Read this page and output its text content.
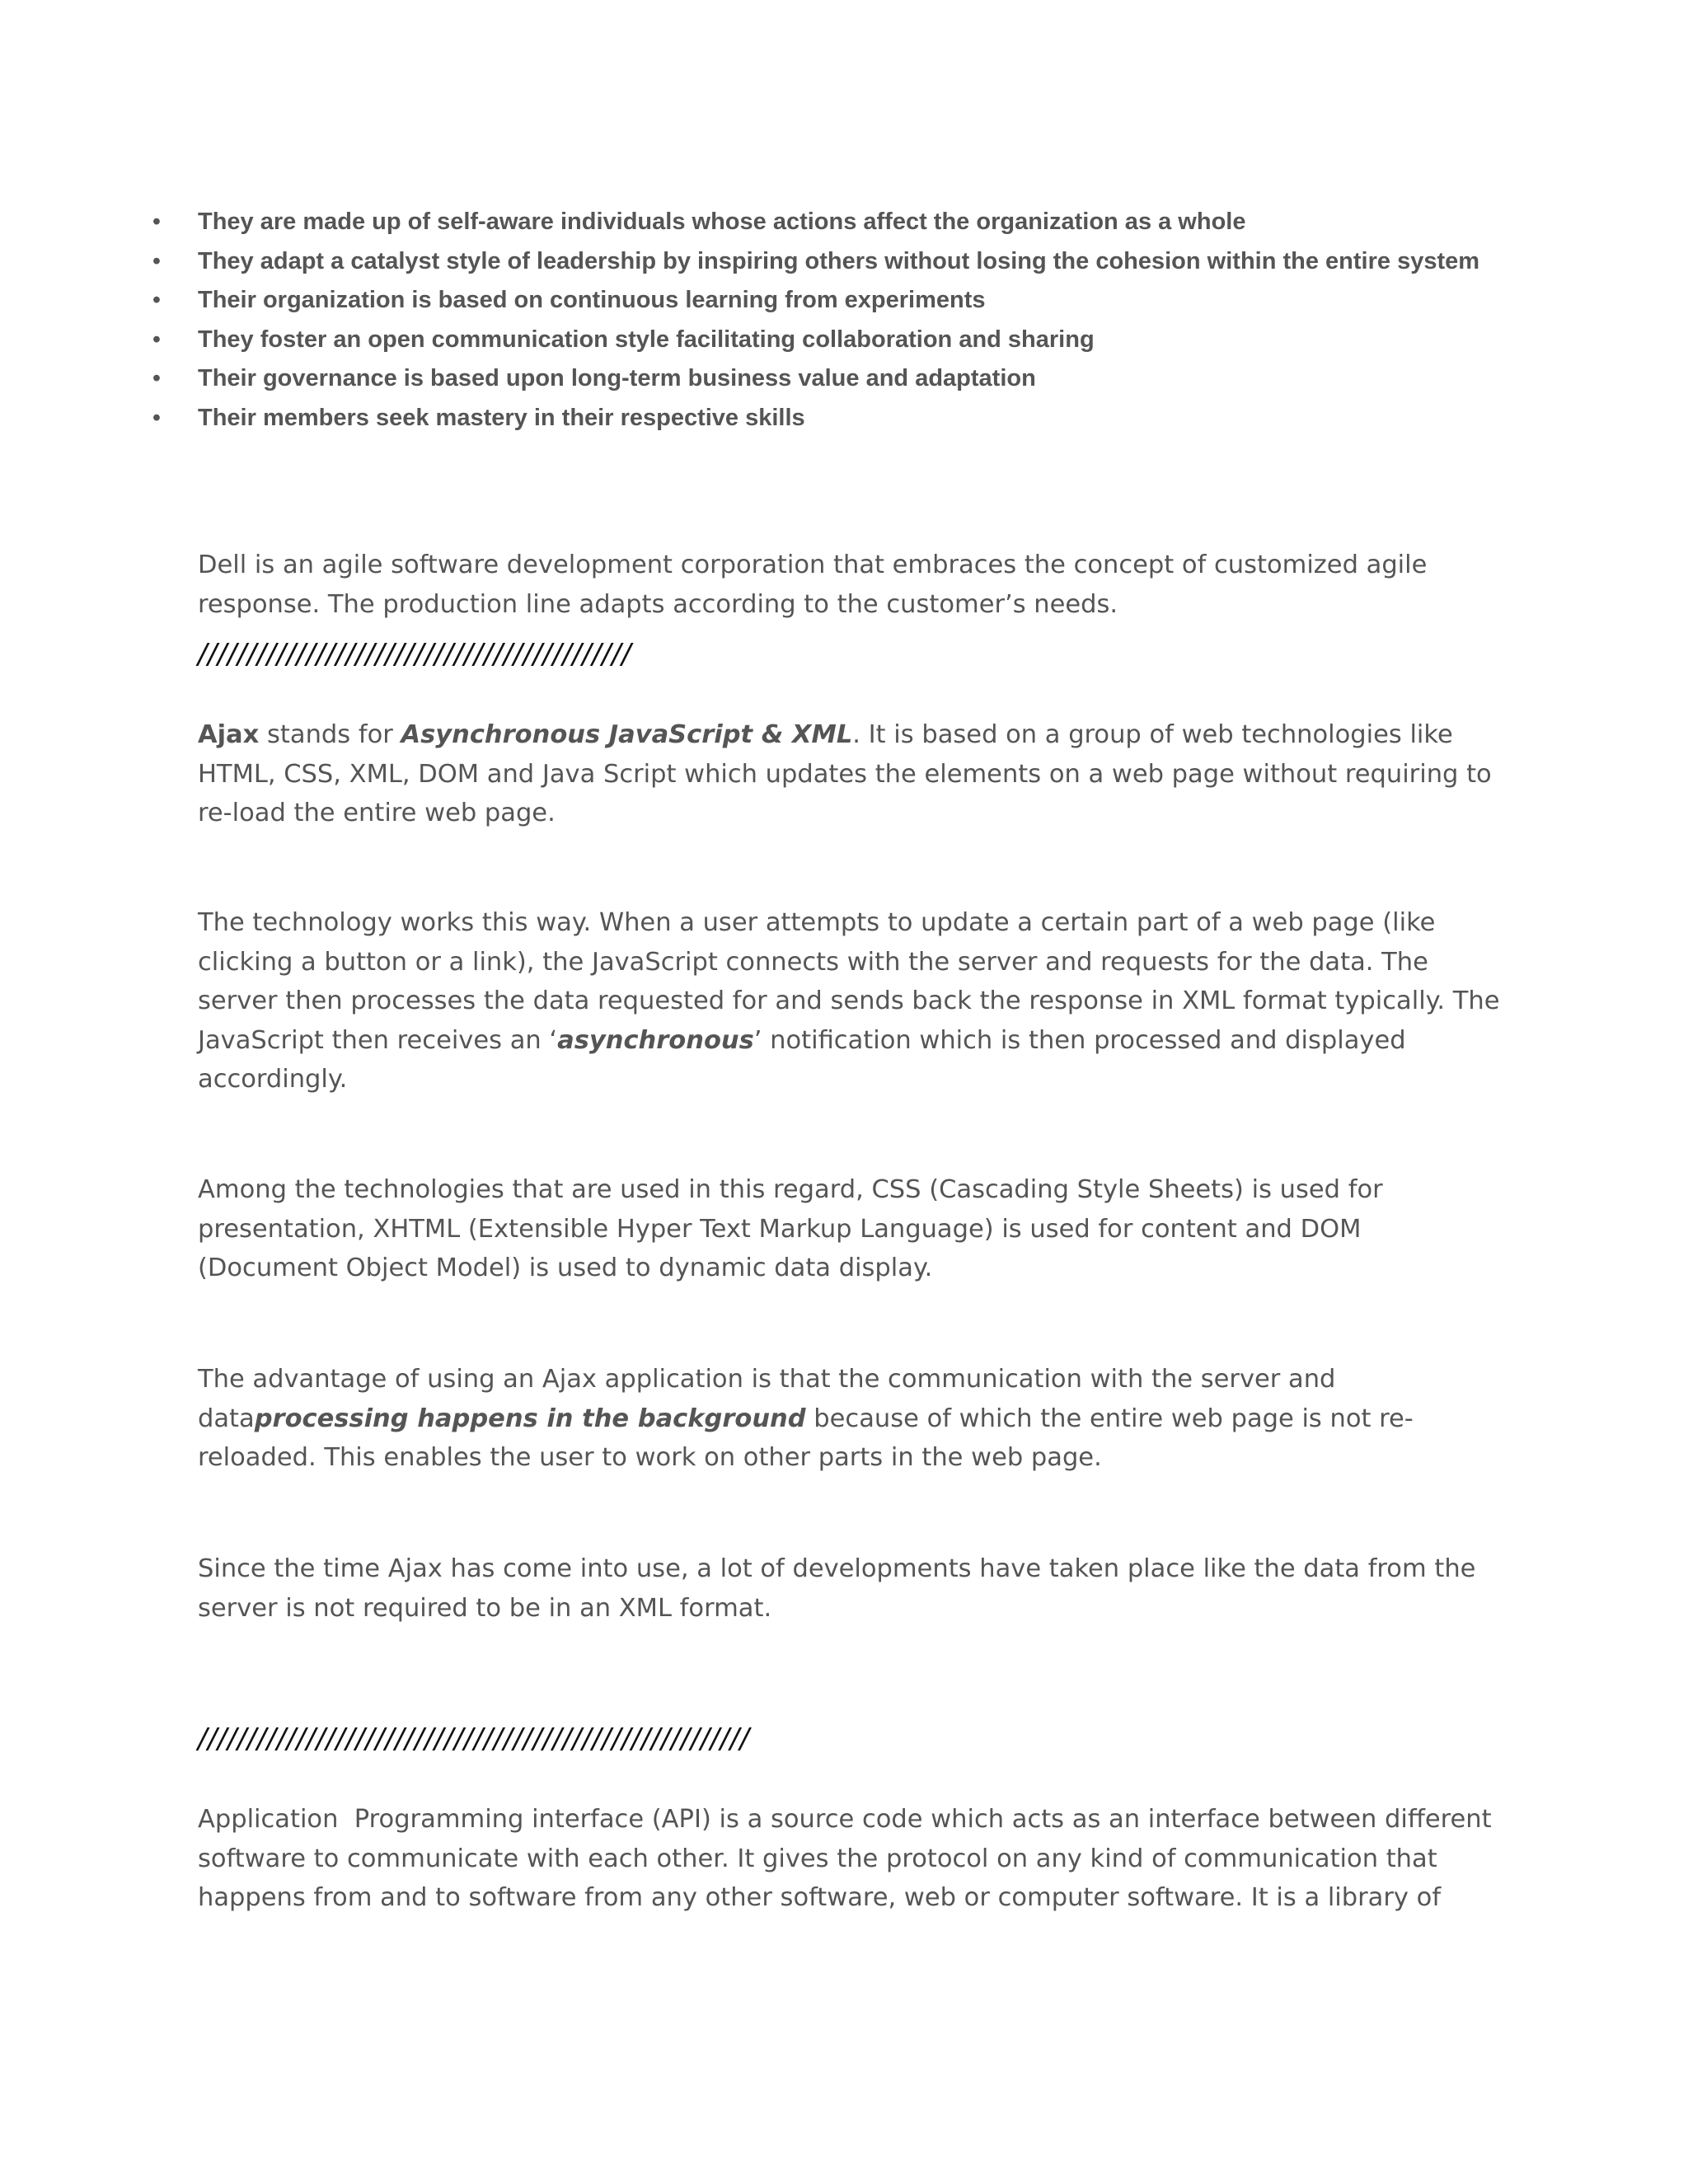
• They are made up of self-aware individuals whose actions affect the organization as a whole
• They adapt a catalyst style of leadership by inspiring others without losing the cohesion within the entire system
• Their organization is based on continuous learning from experiments
• They foster an open communication style facilitating collaboration and sharing
• Their governance is based upon long-term business value and adaptation
• Their members seek mastery in their respective skills

Dell is an agile software development corporation that embraces the concept of customized agile response. The production line adapts according to the customer’s needs.

////////////////////////////////////////////

Ajax stands for Asynchronous JavaScript & XML. It is based on a group of web technologies like HTML, CSS, XML, DOM and Java Script which updates the elements on a web page without requiring to re-load the entire web page.

The technology works this way. When a user attempts to update a certain part of a web page (like clicking a button or a link), the JavaScript connects with the server and requests for the data. The server then processes the data requested for and sends back the response in XML format typically. The JavaScript then receives an ‘asynchronous’ notification which is then processed and displayed accordingly.

Among the technologies that are used in this regard, CSS (Cascading Style Sheets) is used for presentation, XHTML (Extensible Hyper Text Markup Language) is used for content and DOM (Document Object Model) is used to dynamic data display.

The advantage of using an Ajax application is that the communication with the server and dataprocessing happens in the background because of which the entire web page is not re-reloaded. This enables the user to work on other parts in the web page.

Since the time Ajax has come into use, a lot of developments have taken place like the data from the server is not required to be in an XML format.

////////////////////////////////////////////////////////

Application  Programming interface (API) is a source code which acts as an interface between different software to communicate with each other. It gives the protocol on any kind of communication that happens from and to software from any other software, web or computer software. It is a library of
